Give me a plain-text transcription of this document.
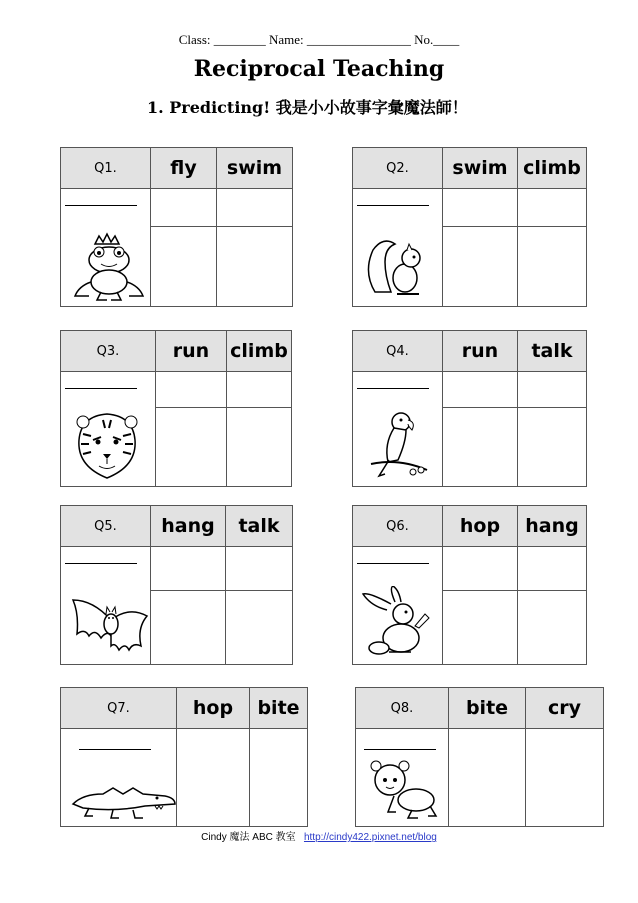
Class: ________ Name: ________________ No.____
Reciprocal Teaching
1. Predicting! 我是小小故事字彙魔法師！
Q1.	fly	swim

		Q2.	swim	climb

Q3.	run	climb

		Q4.	run	talk

Q5.	hang	talk

		Q6.	hop	hang

Q7.	hop	bite

			Q8.	bite	cry

Cindy 魔法 ABC 教室 http://cindy422.pixnet.net/blog
